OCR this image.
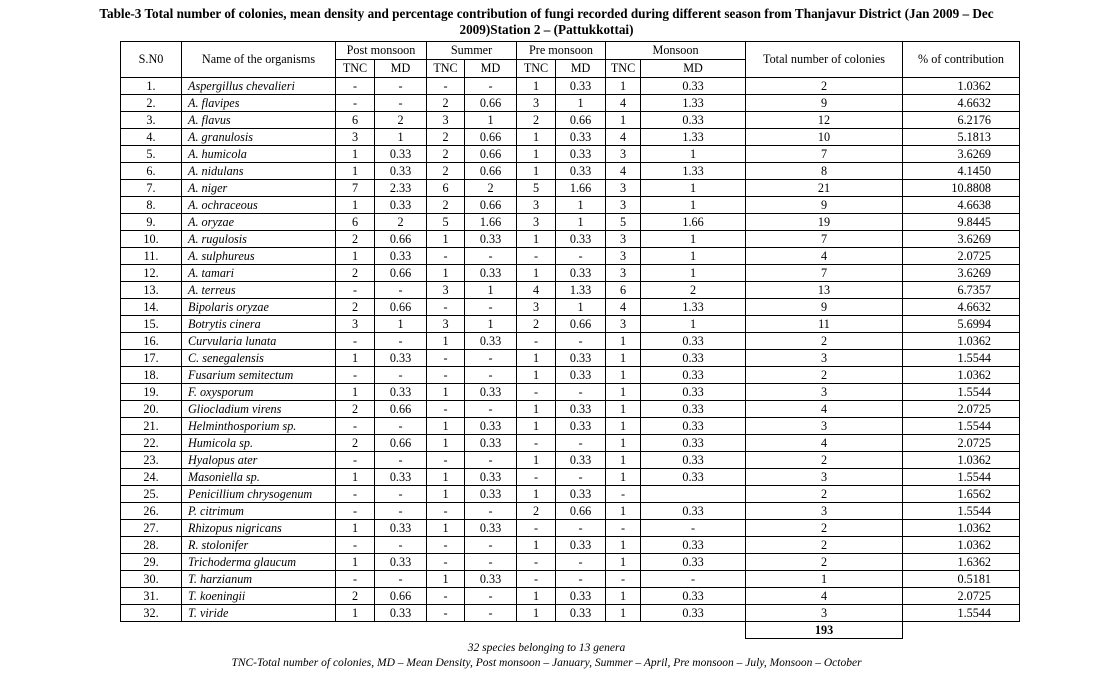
Table-3 Total number of colonies, mean density and percentage contribution of fungi recorded during different season from Thanjavur District (Jan 2009 – Dec
2009)Station 2 – (Pattukkottai)
S.N0	Name of the organisms	Post monsoon		Summer		Pre monsoon		Monsoon		Total number of colonies	% of contribution
		TNC	MD	TNC	MD	TNC	MD	TNC	MD		
1.	Aspergillus chevalieri	-	-	-	-	1	0.33	1	0.33	2	1.0362
2.	A. flavipes	-	-	2	0.66	3	1	4	1.33	9	4.6632
3.	A. flavus	6	2	3	1	2	0.66	1	0.33	12	6.2176
4.	A. granulosis	3	1	2	0.66	1	0.33	4	1.33	10	5.1813
5.	A. humicola	1	0.33	2	0.66	1	0.33	3	1	7	3.6269
6.	A. nidulans	1	0.33	2	0.66	1	0.33	4	1.33	8	4.1450
7.	A. niger	7	2.33	6	2	5	1.66	3	1	21	10.8808
8.	A. ochraceous	1	0.33	2	0.66	3	1	3	1	9	4.6638
9.	A. oryzae	6	2	5	1.66	3	1	5	1.66	19	9.8445
10.	A. rugulosis	2	0.66	1	0.33	1	0.33	3	1	7	3.6269
11.	A. sulphureus	1	0.33	-	-	-	-	3	1	4	2.0725
12.	A. tamari	2	0.66	1	0.33	1	0.33	3	1	7	3.6269
13.	A. terreus	-	-	3	1	4	1.33	6	2	13	6.7357
14.	Bipolaris oryzae	2	0.66	-	-	3	1	4	1.33	9	4.6632
15.	Botrytis cinera	3	1	3	1	2	0.66	3	1	11	5.6994
16.	Curvularia lunata	-	-	1	0.33	-	-	1	0.33	2	1.0362
17.	C. senegalensis	1	0.33	-	-	1	0.33	1	0.33	3	1.5544
18.	Fusarium semitectum	-	-	-	-	1	0.33	1	0.33	2	1.0362
19.	F. oxysporum	1	0.33	1	0.33	-	-	1	0.33	3	1.5544
20.	Gliocladium virens	2	0.66	-	-	1	0.33	1	0.33	4	2.0725
21.	Helminthosporium sp.	-	-	1	0.33	1	0.33	1	0.33	3	1.5544
22.	Humicola sp.	2	0.66	1	0.33	-	-	1	0.33	4	2.0725
23.	Hyalopus ater	-	-	-	-	1	0.33	1	0.33	2	1.0362
24.	Masoniella sp.	1	0.33	1	0.33	-	-	1	0.33	3	1.5544
25.	Penicillium chrysogenum	-	-	1	0.33	1	0.33	-		2	1.6562
26.	P. citrimum	-	-	-	-	2	0.66	1	0.33	3	1.5544
27.	Rhizopus nigricans	1	0.33	1	0.33	-	-	-	-	2	1.0362
28.	R. stolonifer	-	-	-	-	1	0.33	1	0.33	2	1.0362
29.	Trichoderma glaucum	1	0.33	-	-	-	-	1	0.33	2	1.6362
30.	T. harzianum	-	-	1	0.33	-	-	-	-	1	0.5181
31.	T. koeningii	2	0.66	-	-	1	0.33	1	0.33	4	2.0725
32.	T. viride	1	0.33	-	-	1	0.33	1	0.33	3	1.5544
										193	
32 species belonging to 13 genera
TNC-Total number of colonies, MD – Mean Density, Post monsoon – January, Summer – April, Pre monsoon – July, Monsoon – October
